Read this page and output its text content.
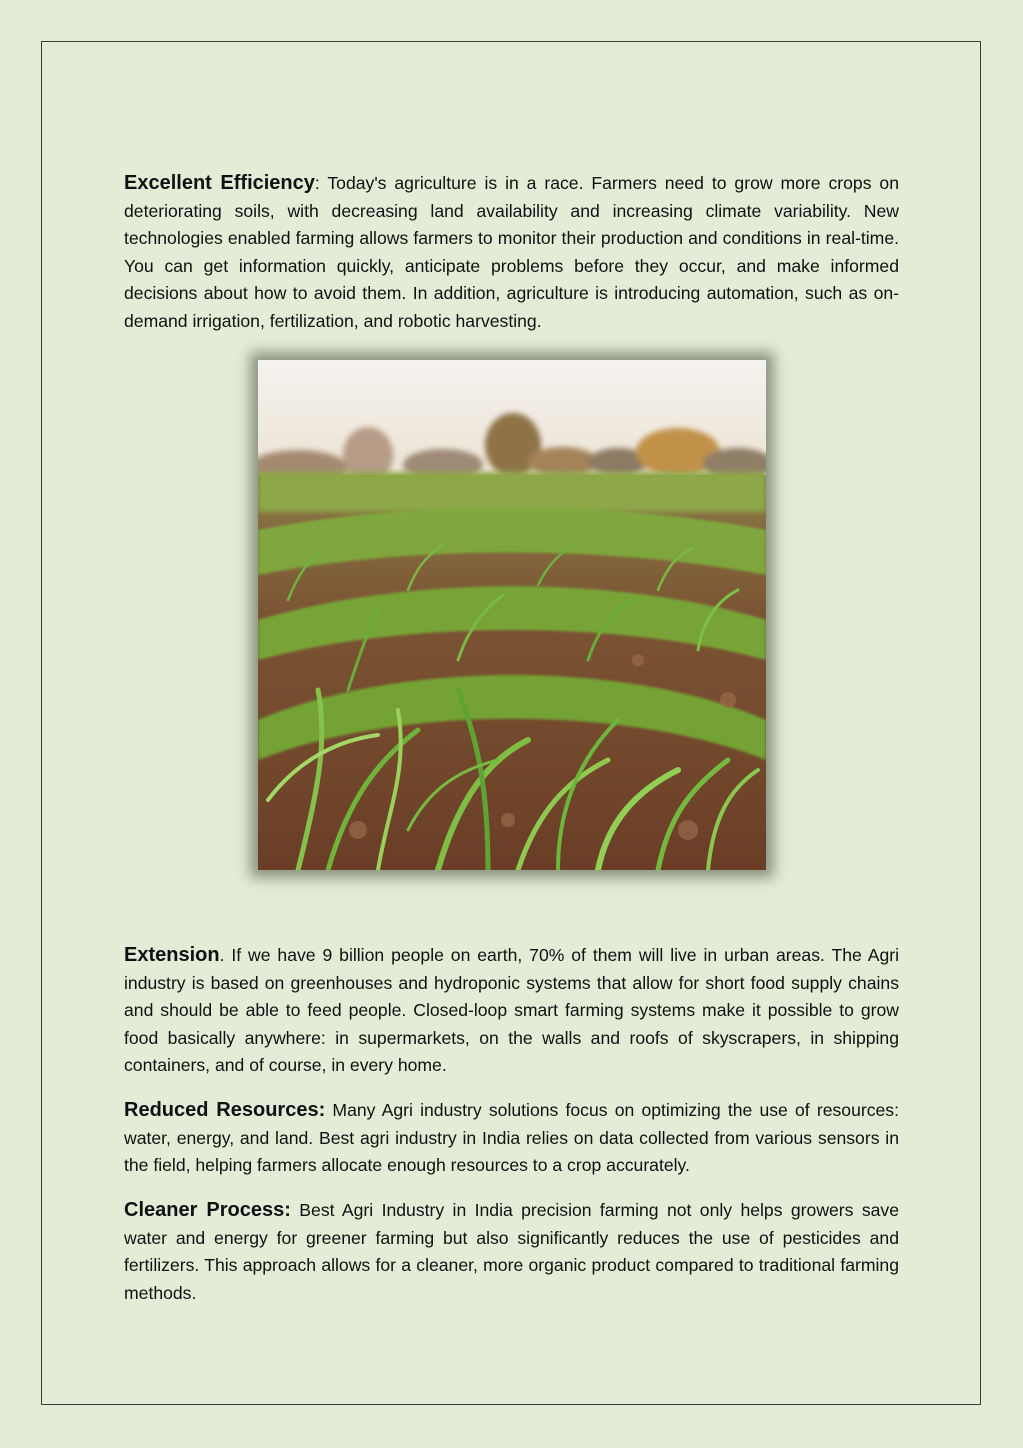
Excellent Efficiency: Today's agriculture is in a race. Farmers need to grow more crops on deteriorating soils, with decreasing land availability and increasing climate variability. New technologies enabled farming allows farmers to monitor their production and conditions in real-time. You can get information quickly, anticipate problems before they occur, and make informed decisions about how to avoid them. In addition, agriculture is introducing automation, such as on-demand irrigation, fertilization, and robotic harvesting.

Extension. If we have 9 billion people on earth, 70% of them will live in urban areas. The Agri industry is based on greenhouses and hydroponic systems that allow for short food supply chains and should be able to feed people. Closed-loop smart farming systems make it possible to grow food basically anywhere: in supermarkets, on the walls and roofs of skyscrapers, in shipping containers, and of course, in every home.

Reduced Resources: Many Agri industry solutions focus on optimizing the use of resources: water, energy, and land. Best agri industry in India relies on data collected from various sensors in the field, helping farmers allocate enough resources to a crop accurately.

Cleaner Process: Best Agri Industry in India precision farming not only helps growers save water and energy for greener farming but also significantly reduces the use of pesticides and fertilizers. This approach allows for a cleaner, more organic product compared to traditional farming methods.
